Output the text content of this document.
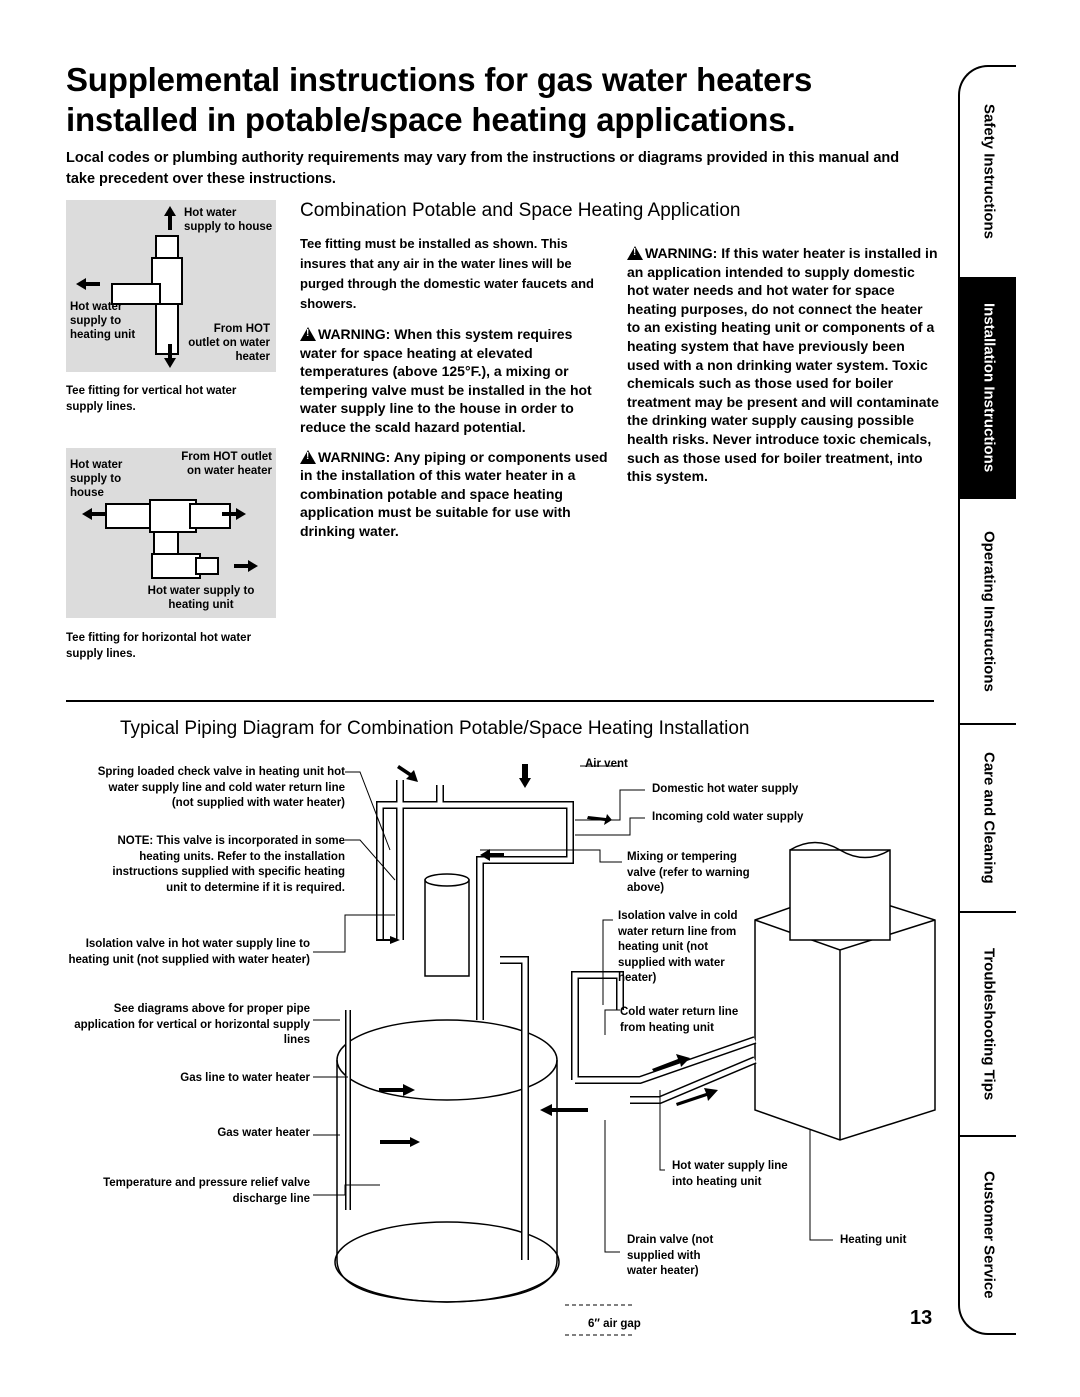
Supplemental instructions for gas water heaters installed in potable/space heating applications.
Local codes or plumbing authority requirements may vary from the instructions or diagrams provided in this manual and take precedent over these instructions.
Hot water supply to house
Hot water supply to heating unit	From HOT outlet on water heater
Tee fitting for vertical hot water supply lines.
Hot water supply to house
From HOT outlet on water heater
Hot water supply to heating unit
Tee fitting for horizontal hot water supply lines.
Combination Potable and Space Heating Application

Tee fitting must be installed as shown. This insures that any air in the water lines will be purged through the domestic water faucets and showers.

!WARNING: When this system requires water for space heating at elevated temperatures (above 125°F.), a mixing or tempering valve must be installed in the hot water supply line to the house in order to reduce the scald hazard potential.

!WARNING: Any piping or components used in the installation of this water heater in a combination potable and space heating application must be suitable for use with drinking water.

!WARNING: If this water heater is installed in an application intended to supply domestic hot water needs and hot water for space heating purposes, do not connect the heater to an existing heating unit or components of a heating system that have previously been used with a non drinking water system. Toxic chemicals such as those used for boiler treatment may be present and will contaminate the drinking water supply causing possible health risks. Never introduce toxic chemicals, such as those used for boiler treatment, into this system.

Typical Piping Diagram for Combination Potable/Space Heating Installation
Spring loaded check valve in heating unit hot water supply line and cold water return line (not supplied with water heater)
NOTE: This valve is incorporated in some heating units. Refer to the installation instructions supplied with specific heating unit to determine if it is required.
Isolation valve in hot water supply line to heating unit (not supplied with water heater)
See diagrams above for proper pipe application for vertical or horizontal supply lines
Gas line to water heater
Gas water heater
Temperature and pressure relief valve discharge line
Air vent
Domestic hot water supply
Incoming cold water supply
Mixing or tempering valve (refer to warning above)
Isolation valve in cold water return line from heating unit (not supplied with water heater)
Cold water return line from heating unit
Hot water supply line into heating unit
Drain valve (not supplied with water heater)
Heating unit
6″ air gap	13
Safety Instructions
Installation Instructions
Operating Instructions
Care and Cleaning
Troubleshooting Tips
Customer Service
